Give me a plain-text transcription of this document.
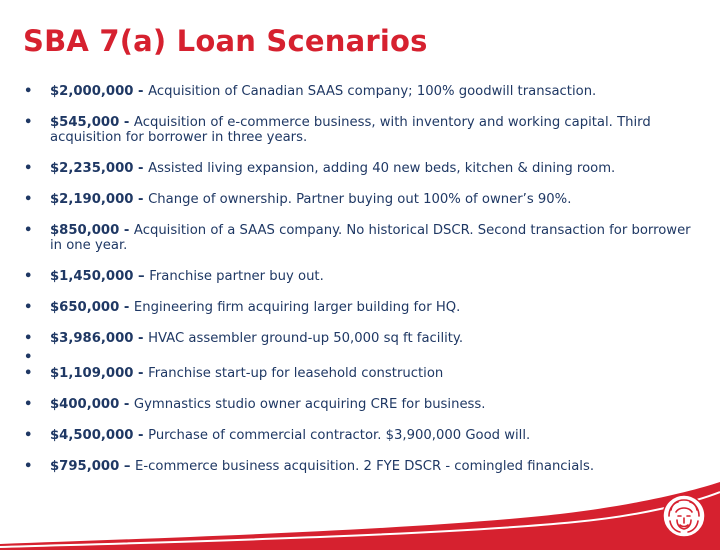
SBA 7(a) Loan Scenarios
• $2,000,000 - Acquisition of Canadian SAAS company; 100% goodwill transaction.
• $545,000 - Acquisition of e-commerce business, with inventory and working capital. Third acquisition for borrower in three years.
• $2,235,000 - Assisted living expansion, adding 40 new beds, kitchen & dining room.
• $2,190,000 - Change of ownership. Partner buying out 100% of owner’s 90%.
• $850,000 - Acquisition of a SAAS company. No historical DSCR. Second transaction for borrower in one year.
• $1,450,000 – Franchise partner buy out.
• $650,000 - Engineering firm acquiring larger building for HQ.
• $3,986,000 - HVAC assembler ground-up 50,000 sq ft facility.
•
• $1,109,000 - Franchise start-up for leasehold construction
• $400,000 - Gymnastics studio owner acquiring CRE for business.
• $4,500,000 - Purchase of commercial contractor. $3,900,000 Good will.
• $795,000 – E-commerce business acquisition. 2 FYE DSCR - comingled financials.
